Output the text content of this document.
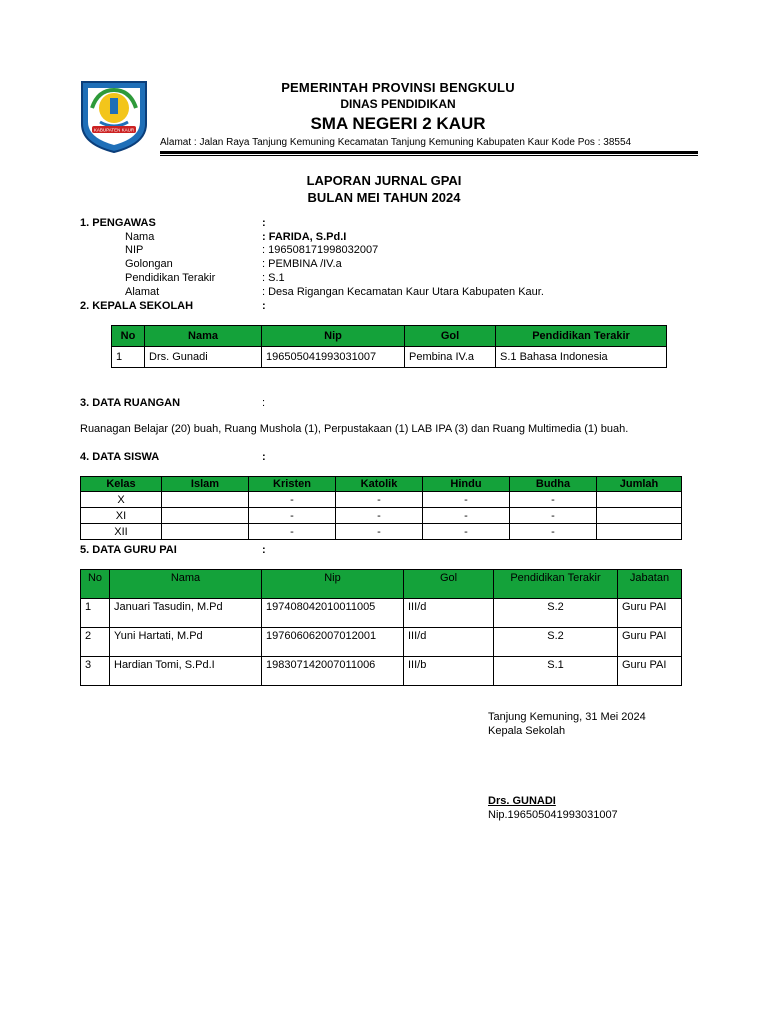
KABUPATEN KAUR
PEMERINTAH PROVINSI BENGKULU
DINAS PENDIDIKAN
SMA NEGERI 2 KAUR
Alamat : Jalan Raya Tanjung Kemuning Kecamatan Tanjung Kemuning Kabupaten Kaur Kode Pos : 38554
LAPORAN JURNAL GPAI
BULAN MEI TAHUN 2024
1. PENGAWAS	:
Nama	: FARIDA, S.Pd.I
NIP	: 196508171998032007
Golongan	: PEMBINA /IV.a
Pendidikan Terakir	: S.1
Alamat	: Desa Rigangan Kecamatan Kaur Utara Kabupaten Kaur.
2. KEPALA SEKOLAH	:
No	Nama	Nip	Gol	Pendidikan Terakir
1	Drs. Gunadi	196505041993031007	Pembina IV.a	S.1 Bahasa Indonesia
3. DATA RUANGAN	:
Ruanagan Belajar (20) buah, Ruang Mushola (1), Perpustakaan (1) LAB IPA (3) dan Ruang Multimedia (1) buah.
4. DATA SISWA	:
Kelas	Islam	Kristen	Katolik	Hindu	Budha	Jumlah
X		-	-	-	-	
XI		-	-	-	-	
XII		-	-	-	-	
5. DATA GURU PAI	:
No	Nama	Nip	Gol	Pendidikan Terakir	Jabatan
1	Januari Tasudin, M.Pd	197408042010011005	III/d	S.2	Guru PAI
2	Yuni Hartati, M.Pd	197606062007012001	III/d	S.2	Guru PAI
3	Hardian Tomi, S.Pd.I	198307142007011006	III/b	S.1	Guru PAI
Tanjung Kemuning, 31 Mei 2024
Kepala Sekolah
Drs. GUNADI
Nip.196505041993031007
